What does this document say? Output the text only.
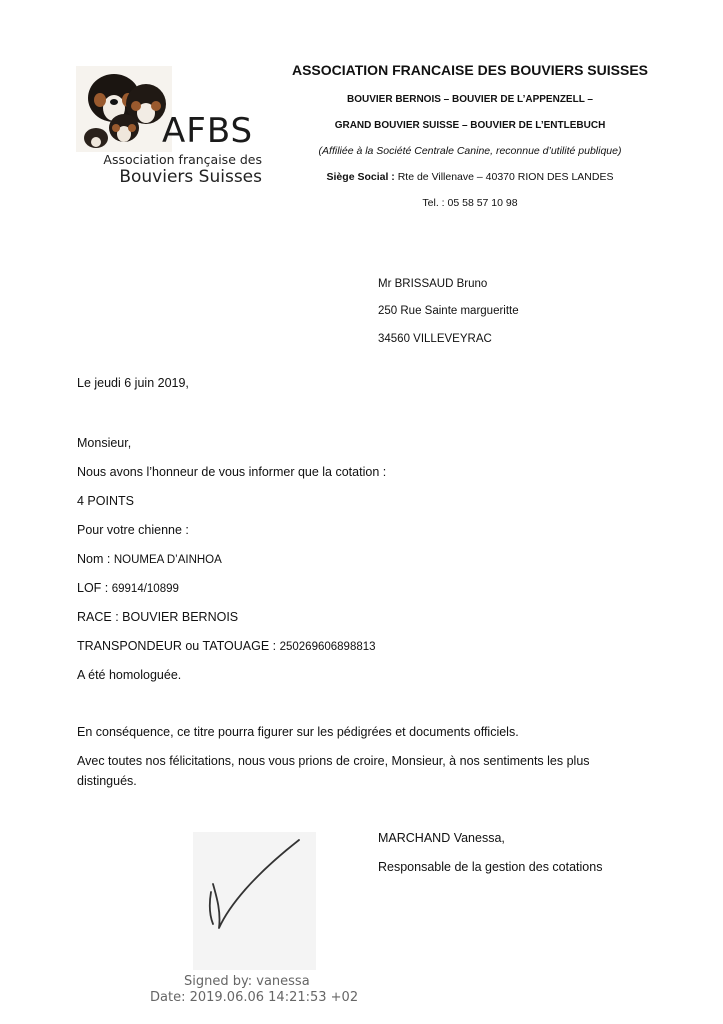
AFBS
Association française des
Bouviers Suisses
ASSOCIATION FRANCAISE DES BOUVIERS SUISSES
BOUVIER BERNOIS – BOUVIER DE L’APPENZELL –
GRAND BOUVIER SUISSE – BOUVIER DE L’ENTLEBUCH
(Affiliée à la Société Centrale Canine, reconnue d’utilité publique)
Siège Social : Rte de Villenave – 40370 RION DES LANDES
Tel. : 05 58 57 10 98
Mr BRISSAUD Bruno
250 Rue Sainte margueritte
34560 VILLEVEYRAC
Le jeudi 6 juin 2019,
Monsieur,
Nous avons l’honneur de vous informer que la cotation :
4 POINTS
Pour votre chienne :
Nom : NOUMEA D’AINHOA
LOF : 69914/10899
RACE : BOUVIER BERNOIS
TRANSPONDEUR ou TATOUAGE : 250269606898813
A été homologuée.
En conséquence, ce titre pourra figurer sur les pédigrées et documents officiels.
Avec toutes nos félicitations, nous vous prions de croire, Monsieur, à nos sentiments les plus
distingués.
MARCHAND Vanessa,
Responsable de la gestion des cotations
Signed by: vanessa
Date: 2019.06.06 14:21:53 +02
